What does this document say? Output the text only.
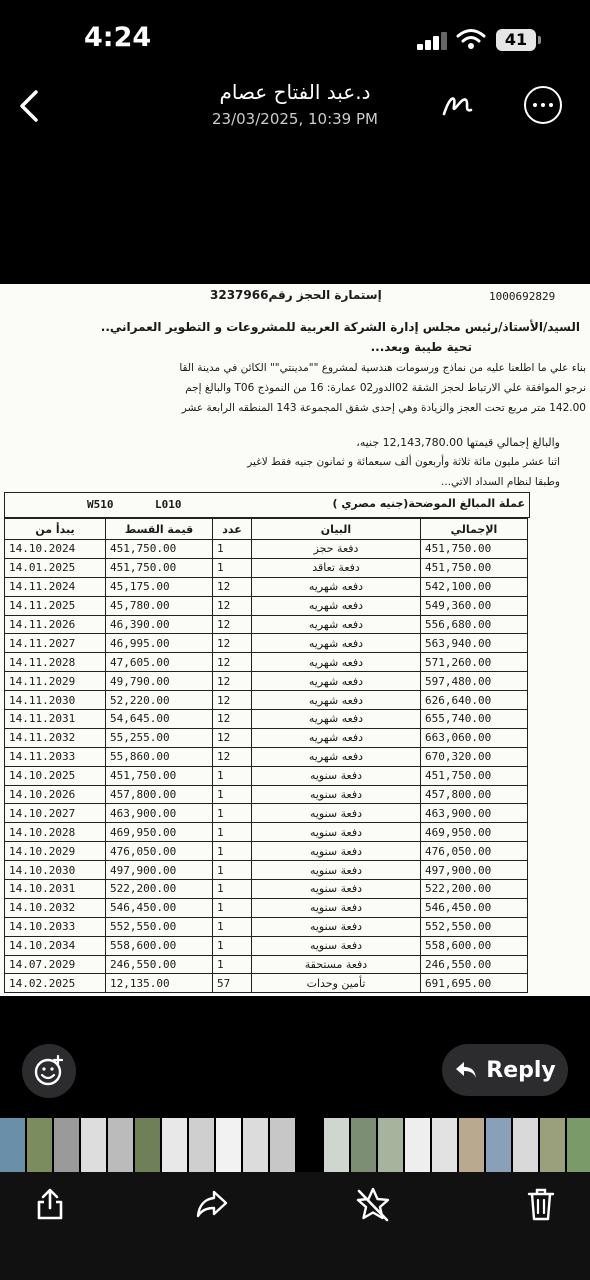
4:24	41
د.عبد الفتاح عصام
23/03/2025, 10:39 PM
1000692829
إستمارة الحجز رقم3237966
السيد/الأستاذ/رئيس مجلس إدارة الشركة العربية للمشروعات و التطوير العمراني..
تحية طيبة وبعد...
بناء علي ما اطلعنا عليه من نماذج ورسومات هندسية لمشروع ""مدينتي"" الكائن في مدينة القا
نرجو الموافقة علي الارتباط لحجز الشقة 02الدور02 عمارة: 16 من النموذج T06 والبالغ إجم
142.00 متر مربع تحت العجز والزيادة وهي إحدى شقق المجموعة 143 المنطقه الرابعة عشر
والبالغ إجمالي قيمتها 12,143,780.00 جنيه،
اثنا عشر مليون مائة ثلاثة وأربعون ألف سبعمائة و ثمانون جنيه فقط لاغير
وطبقا لنظام السداد الاتي...
W510	L010	عملة المبالغ الموضحة(جنيه مصري )
يبدأ من	قيمة القسط	عدد	البيان	الإجمالي
14.10.2024	451,750.00	1	دفعة حجز	451,750.00
14.01.2025	451,750.00	1	دفعة تعاقد	451,750.00
14.11.2024	45,175.00	12	دفعه شهريه	542,100.00
14.11.2025	45,780.00	12	دفعه شهريه	549,360.00
14.11.2026	46,390.00	12	دفعه شهريه	556,680.00
14.11.2027	46,995.00	12	دفعه شهريه	563,940.00
14.11.2028	47,605.00	12	دفعه شهريه	571,260.00
14.11.2029	49,790.00	12	دفعه شهريه	597,480.00
14.11.2030	52,220.00	12	دفعه شهريه	626,640.00
14.11.2031	54,645.00	12	دفعه شهريه	655,740.00
14.11.2032	55,255.00	12	دفعه شهريه	663,060.00
14.11.2033	55,860.00	12	دفعه شهريه	670,320.00
14.10.2025	451,750.00	1	دفعة سنويه	451,750.00
14.10.2026	457,800.00	1	دفعة سنويه	457,800.00
14.10.2027	463,900.00	1	دفعة سنويه	463,900.00
14.10.2028	469,950.00	1	دفعة سنويه	469,950.00
14.10.2029	476,050.00	1	دفعة سنويه	476,050.00
14.10.2030	497,900.00	1	دفعة سنويه	497,900.00
14.10.2031	522,200.00	1	دفعة سنويه	522,200.00
14.10.2032	546,450.00	1	دفعة سنويه	546,450.00
14.10.2033	552,550.00	1	دفعة سنويه	552,550.00
14.10.2034	558,600.00	1	دفعة سنويه	558,600.00
14.07.2029	246,550.00	1	دفعة مستحقة	246,550.00
14.02.2025	12,135.00	57	تأمين وحدات	691,695.00
Reply
